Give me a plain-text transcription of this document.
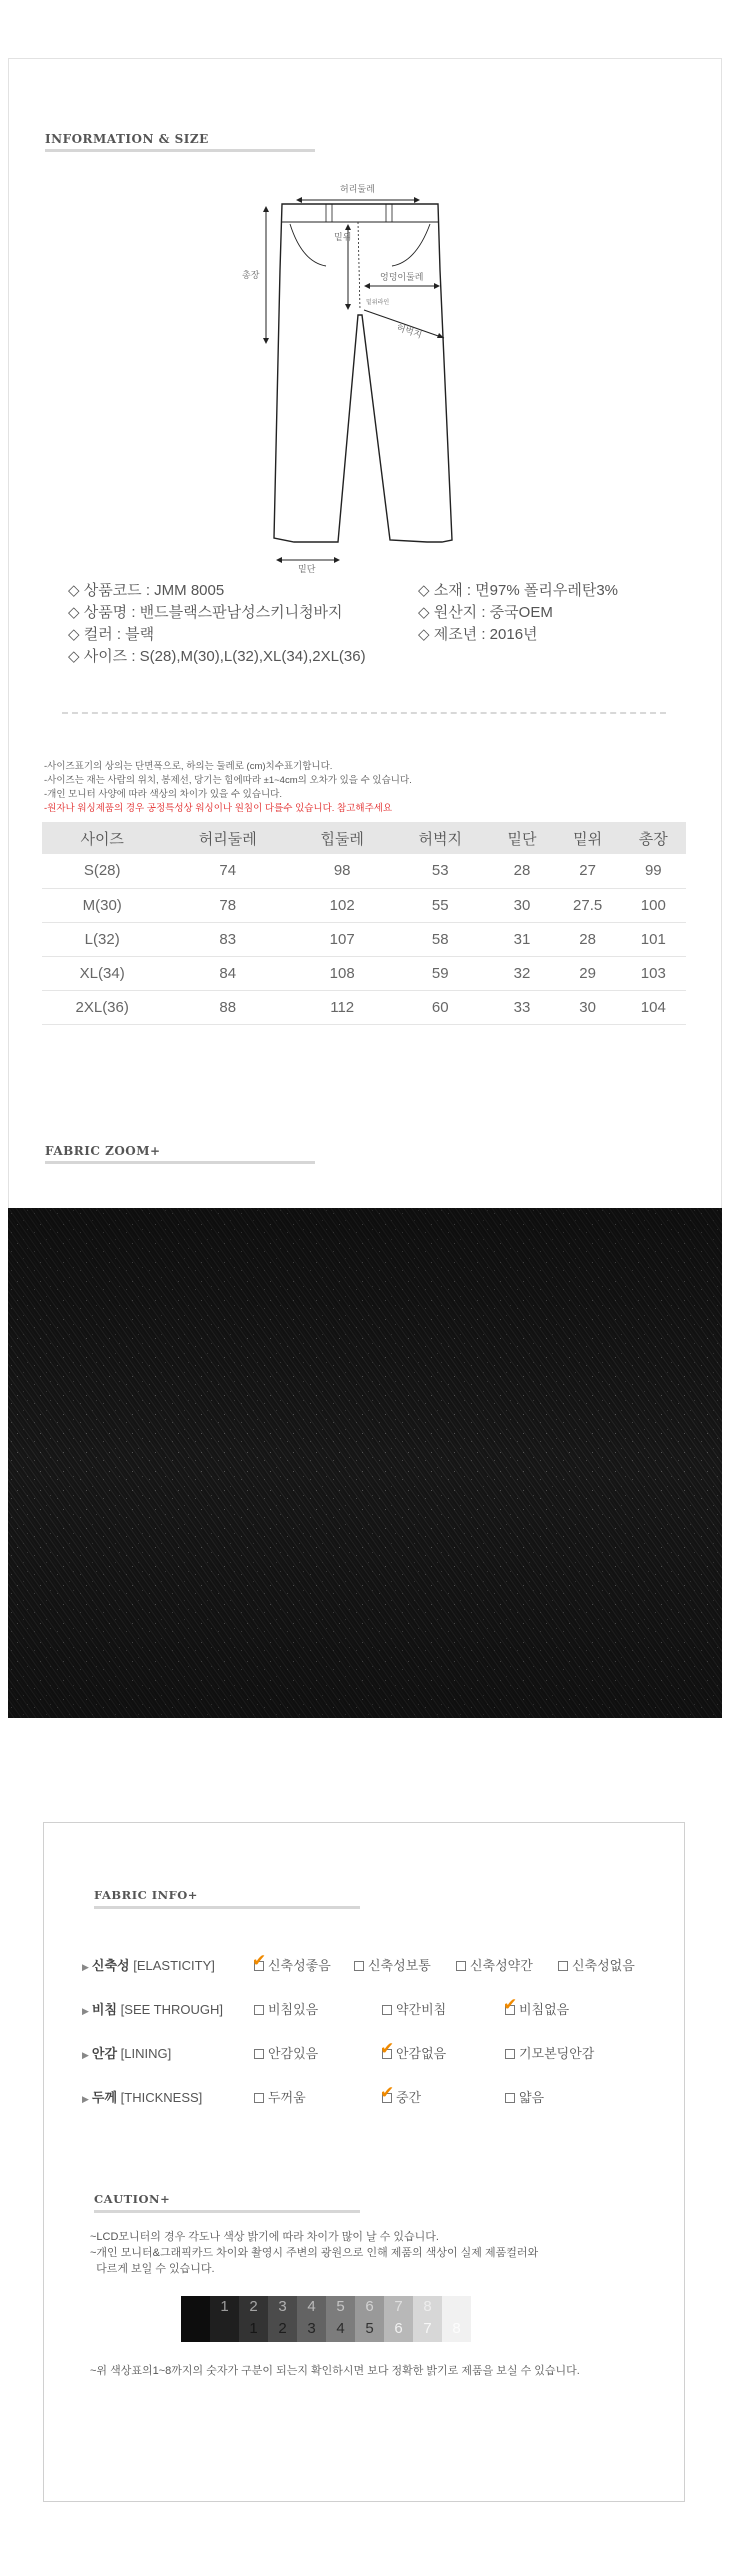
INFORMATION & SIZE
허리둘레
총장
밑위
엉덩이둘레
밑위라인
허벅지
밑단
◇ 상품코드 : JMM 8005
◇ 상품명 : 밴드블랙스판남성스키니청바지
◇ 컬러 : 블랙
◇ 사이즈 : S(28),M(30),L(32),XL(34),2XL(36)
◇ 소재 : 면97% 폴리우레탄3%
◇ 원산지 : 중국OEM
◇ 제조년 : 2016년
-사이즈표기의 상의는 단면폭으로, 하의는 둘레로 (cm)치수표기합니다.
-사이즈는 재는 사람의 위치, 봉제선, 당기는 힘에따라 ±1~4cm의 오차가 있을 수 있습니다.
-개인 모니터 사양에 따라 색상의 차이가 있을 수 있습니다.
-원자나 워싱제품의 경우 공정특성상 워싱이나 원침이 다를수 있습니다. 참고해주세요
사이즈	허리둘레	힙둘레	허벅지	밑단	밑위	총장
S(28)	74	98	53	28	27	99
M(30)	78	102	55	30	27.5	100
L(32)	83	107	58	31	28	101
XL(34)	84	108	59	32	29	103
2XL(36)	88	112	60	33	30	104
FABRIC ZOOM+
FABRIC INFO+
▶ 신축성 [ELASTICITY] ✔ 신축성좋음	신축성보통	신축성약간	신축성없음
▶ 비침 [SEE THROUGH]	비침있음	약간비침	✔ 비침없음
▶ 안감 [LINING]	안감있음	✔ 안감없음	기모본딩안감
▶ 두께 [THICKNESS]	두꺼움	✔ 중간	얇음
CAUTION+
~LCD모니터의 경우 각도나 색상 밝기에 따라 차이가 많이 날 수 있습니다.
~개인 모니터&그래픽카드 차이와 촬영시 주변의 광원으로 인해 제품의 색상이 실제 제품컬러와
다르게 보일 수 있습니다.
1	2
1
3
2
4
3
5
4
6
5
7
6
8
7	8
~위 색상표의1~8까지의 숫자가 구분이 되는지 확인하시면 보다 정확한 밝기로 제품을 보실 수 있습니다.
